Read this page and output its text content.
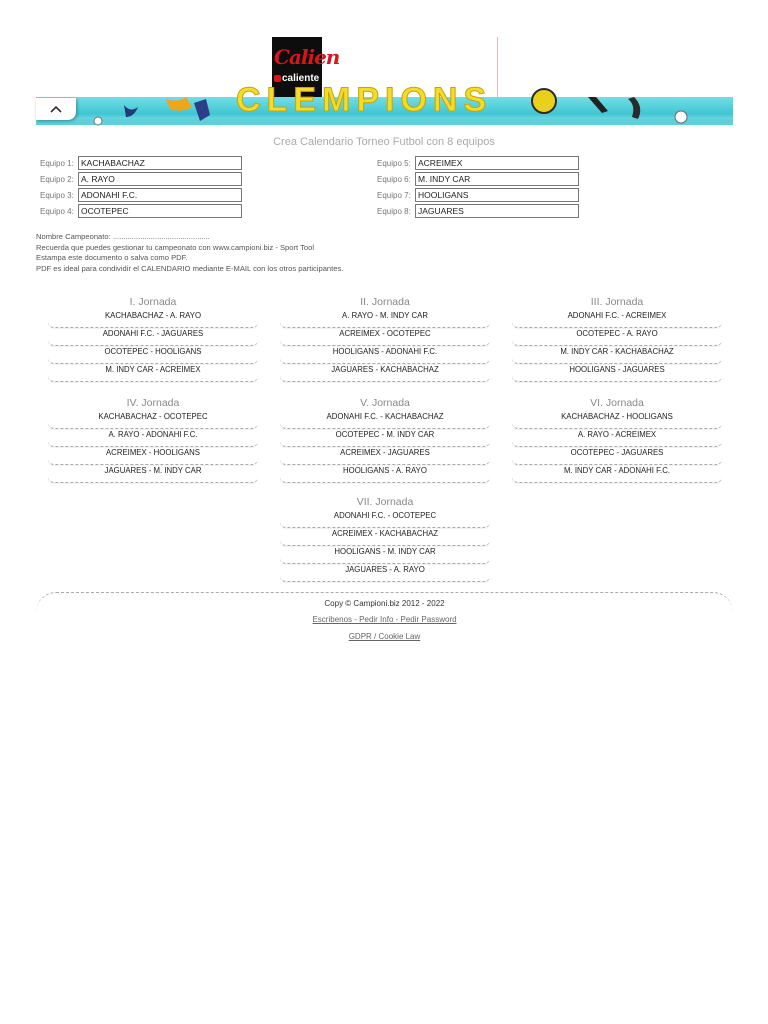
Calien
caliente
CLEMPIONS
Crea Calendario Torneo Futbol con 8 equipos
Equipo 1: KACHABACHAZ
Equipo 2: A. RAYO
Equipo 3: ADONAHI F.C.
Equipo 4: OCOTEPEC
Equipo 5: ACREIMEX
Equipo 6: M. INDY CAR
Equipo 7: HOOLIGANS
Equipo 8: JAGUARES
Nombre Campeonato: ..............................................
Recuerda que puedes gestionar tu campeonato con www.campioni.biz - Sport Tool
Estampa este documento o salva como PDF.
PDF es ideal para condividir el CALENDARIO mediante E-MAIL con los otros participantes.
I. Jornada
KACHABACHAZ - A. RAYO
ADONAHI F.C. - JAGUARES
OCOTEPEC - HOOLIGANS
M. INDY CAR - ACREIMEX
II. Jornada
A. RAYO - M. INDY CAR
ACREIMEX - OCOTEPEC
HOOLIGANS - ADONAHI F.C.
JAGUARES - KACHABACHAZ
III. Jornada
ADONAHI F.C. - ACREIMEX
OCOTEPEC - A. RAYO
M. INDY CAR - KACHABACHAZ
HOOLIGANS - JAGUARES
IV. Jornada
KACHABACHAZ - OCOTEPEC
A. RAYO - ADONAHI F.C.
ACREIMEX - HOOLIGANS
JAGUARES - M. INDY CAR
V. Jornada
ADONAHI F.C. - KACHABACHAZ
OCOTEPEC - M. INDY CAR
ACREIMEX - JAGUARES
HOOLIGANS - A. RAYO
VI. Jornada
KACHABACHAZ - HOOLIGANS
A. RAYO - ACREIMEX
OCOTEPEC - JAGUARES
M. INDY CAR - ADONAHI F.C.
VII. Jornada
ADONAHI F.C. - OCOTEPEC
ACREIMEX - KACHABACHAZ
HOOLIGANS - M. INDY CAR
JAGUARES - A. RAYO
Copy © Campioni.biz 2012 - 2022
Escribenos - Pedir Info - Pedir Password
GDPR / Cookie Law
